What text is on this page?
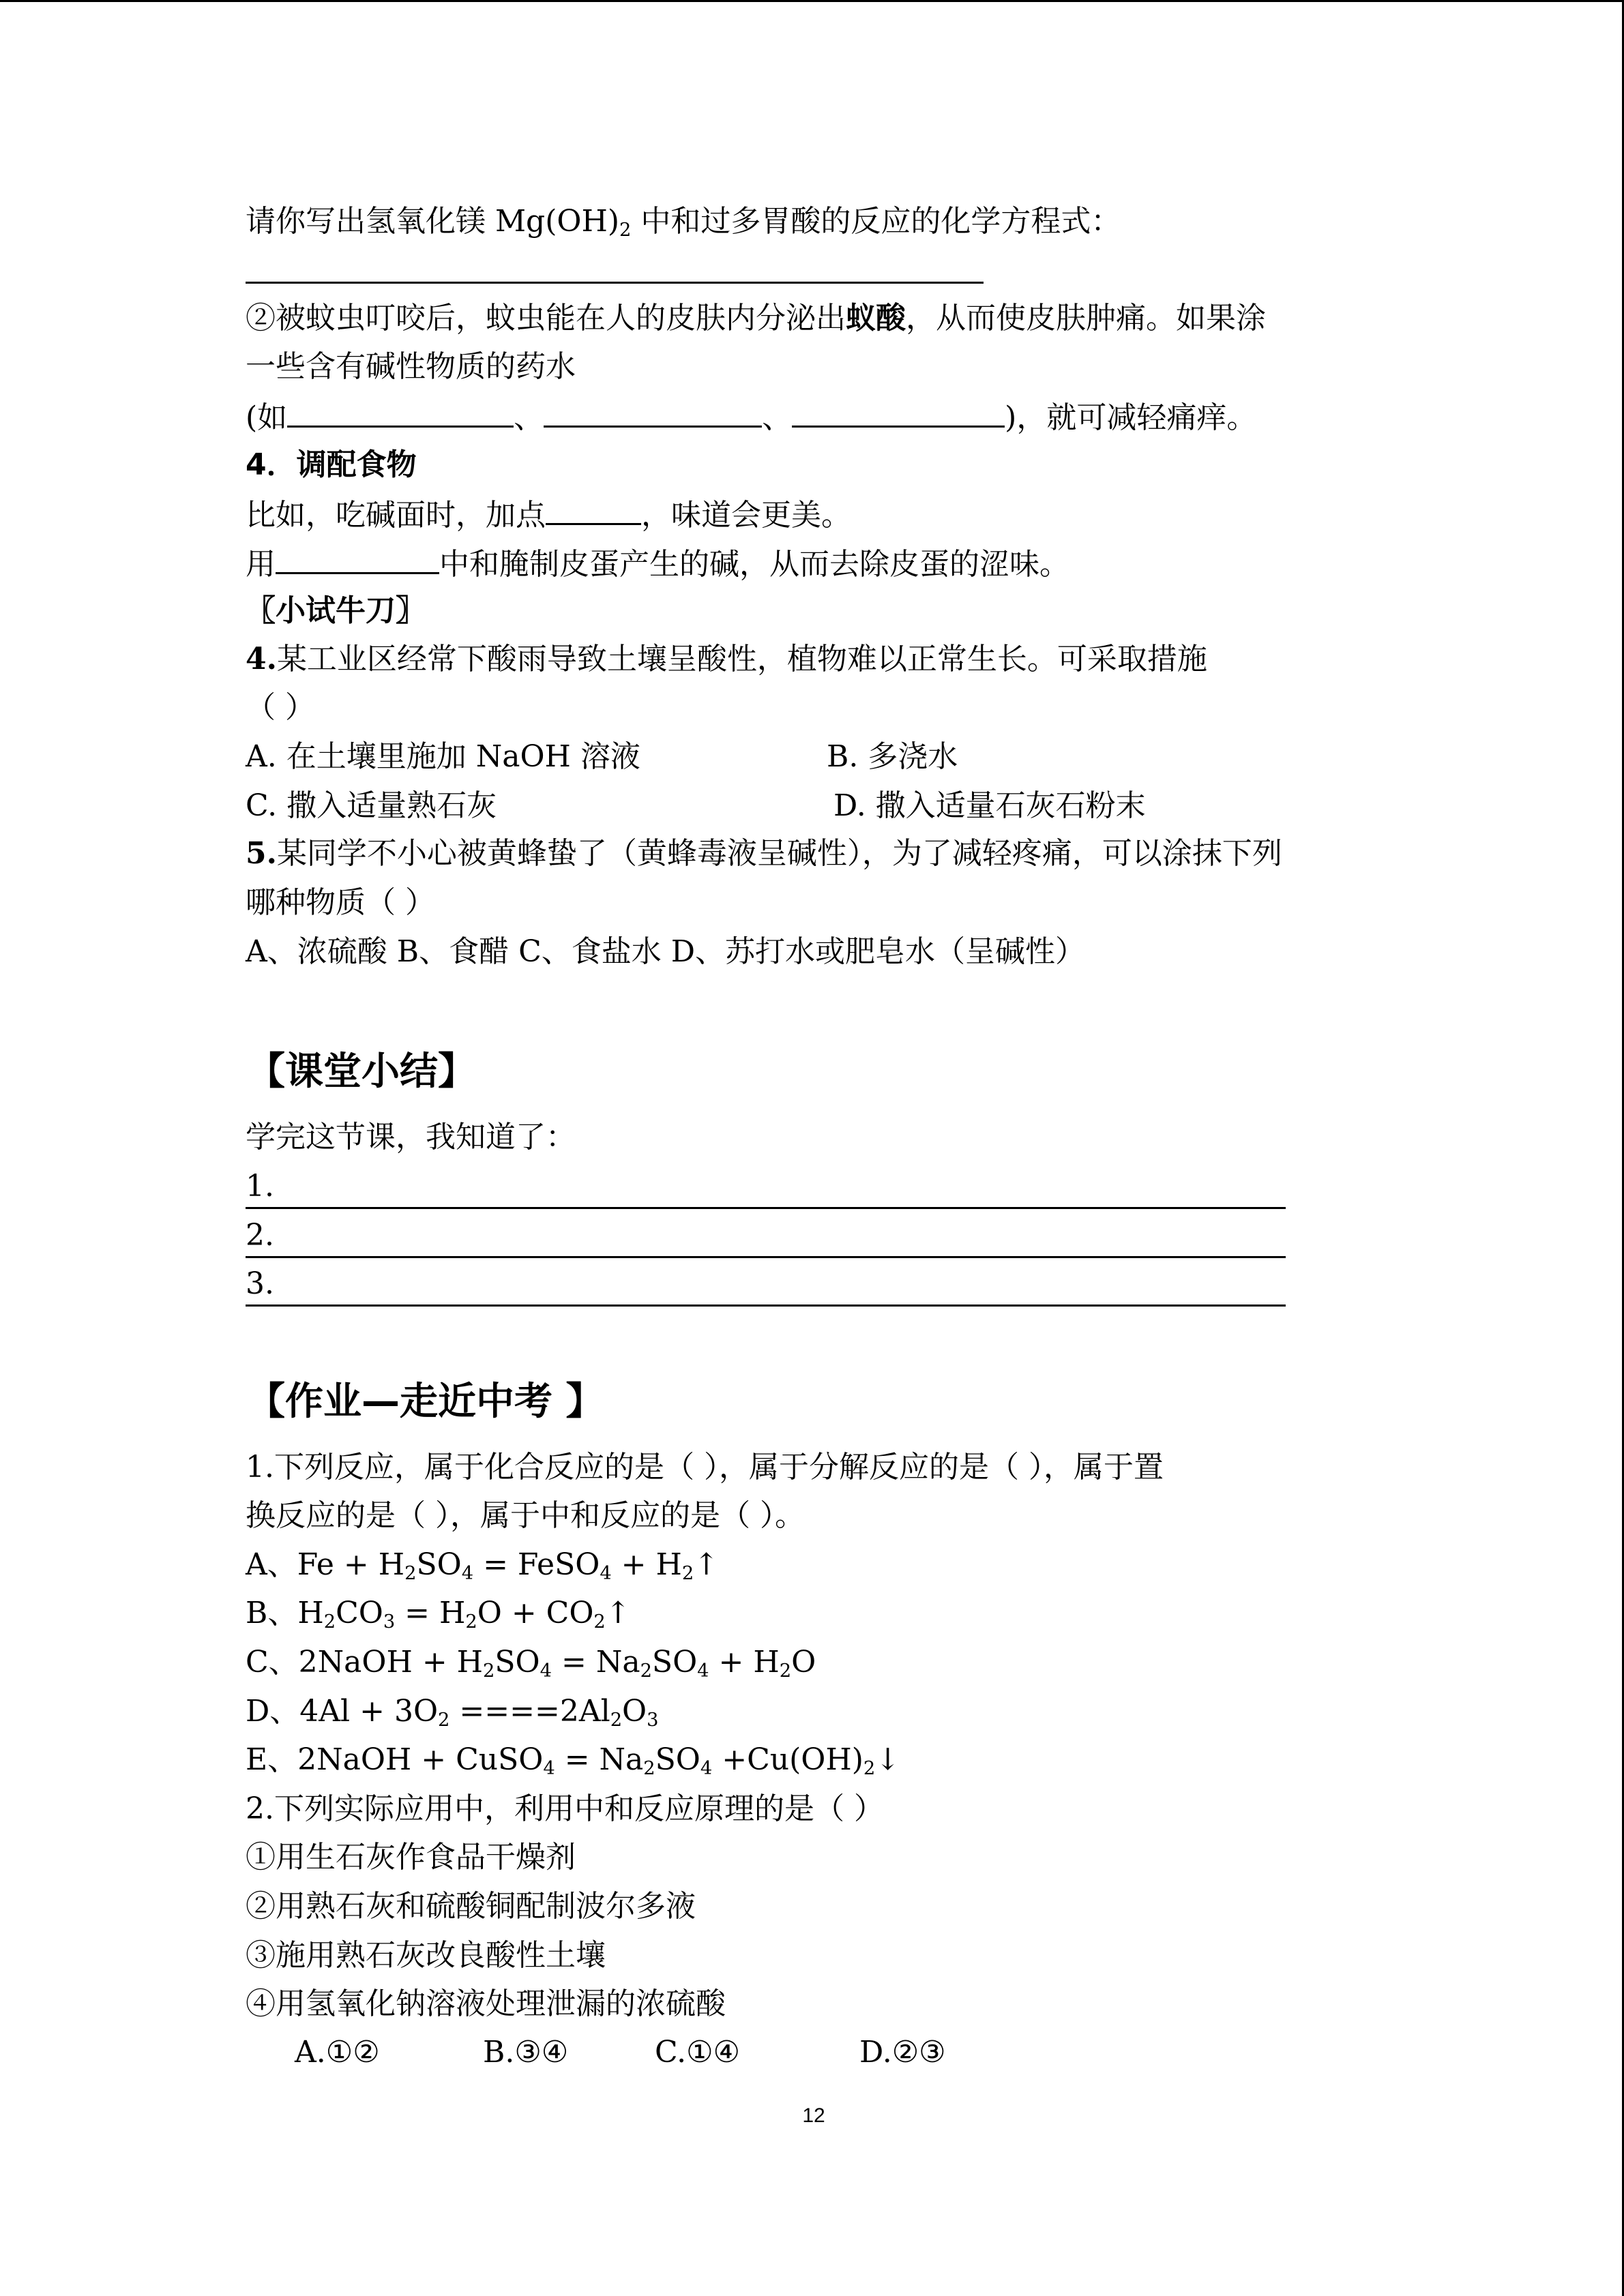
请你写出氢氧化镁 $Mg(OH)_2$ 中和过多胃酸的反应的化学方程式：
②被蚊虫叮咬后，蚊虫能在人的皮肤内分泌出蚁酸，从而使皮肤肿痛。如果涂
一些含有碱性物质的药水
(如	、	、	)，就可减轻痛痒。
4．调配食物
比如，吃碱面时，加点	，味道会更美。
用	中和腌制皮蛋产生的碱，从而去除皮蛋的涩味。
〖小试牛刀〗
4.某工业区经常下酸雨导致土壤呈酸性，植物难以正常生长。可采取措施
（ ）
A. 在土壤里施加 NaOH 溶液	B. 多浇水
C. 撒入适量熟石灰	D. 撒入适量石灰石粉末
5.某同学不小心被黄蜂蛰了（黄蜂毒液呈碱性），为了减轻疼痛，可以涂抹下列
哪种物质（ ）
A、浓硫酸 B、食醋 C、食盐水 D、苏打水或肥皂水（呈碱性）
【课堂小结】
学完这节课，我知道了：
1.
2.
3.
【作业—走近中考 】
1.下列反应，属于化合反应的是（ ），属于分解反应的是（ ），属于置
换反应的是（ ），属于中和反应的是（ ）。
A、$Fe + H_2SO_4$ = FeSO$_4$ + $H_2↑$
B、$H_2CO_3 = H_2O$ + $CO_2↑$
C、2NaOH + $H_2SO_4 = Na_2SO_4 + H_2O$
D、$4Al + 3O_2 ====2Al_2O_3$
E、2NaOH + CuSO$_4$ = $Na_2SO_4$ $+Cu(OH)_2↓$
2.下列实际应用中，利用中和反应原理的是（ ）
①用生石灰作食品干燥剂
②用熟石灰和硫酸铜配制波尔多液
③施用熟石灰改良酸性土壤
④用氢氧化钠溶液处理泄漏的浓硫酸
A.①②	B.③④	C.①④	D.②③
12
